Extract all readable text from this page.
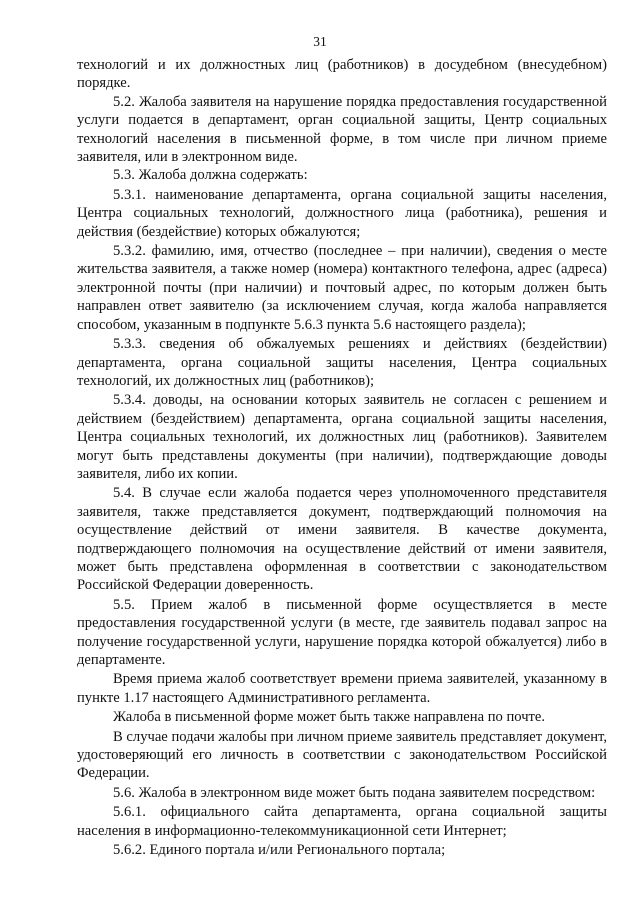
31

технологий и их должностных лиц (работников) в досудебном (внесудебном) порядке.

5.2. Жалоба заявителя на нарушение порядка предоставления государственной услуги подается в департамент, орган социальной защиты, Центр социальных технологий населения в письменной форме, в том числе при личном приеме заявителя, или в электронном виде.

5.3. Жалоба должна содержать:

5.3.1. наименование департамента, органа социальной защиты населения, Центра социальных технологий, должностного лица (работника), решения и действия (бездействие) которых обжалуются;

5.3.2. фамилию, имя, отчество (последнее – при наличии), сведения о месте жительства заявителя, а также номер (номера) контактного телефона, адрес (адреса) электронной почты (при наличии) и почтовый адрес, по которым должен быть направлен ответ заявителю (за исключением случая, когда жалоба направляется способом, указанным в подпункте 5.6.3 пункта 5.6 настоящего раздела);

5.3.3. сведения об обжалуемых решениях и действиях (бездействии) департамента, органа социальной защиты населения, Центра социальных технологий, их должностных лиц (работников);

5.3.4. доводы, на основании которых заявитель не согласен с решением и действием (бездействием) департамента, органа социальной защиты населения, Центра социальных технологий, их должностных лиц (работников). Заявителем могут быть представлены документы (при наличии), подтверждающие доводы заявителя, либо их копии.

5.4. В случае если жалоба подается через уполномоченного представителя заявителя, также представляется документ, подтверждающий полномочия на осуществление действий от имени заявителя. В качестве документа, подтверждающего полномочия на осуществление действий от имени заявителя, может быть представлена оформленная в соответствии с законодательством Российской Федерации доверенность.

5.5. Прием жалоб в письменной форме осуществляется в месте предоставления государственной услуги (в месте, где заявитель подавал запрос на получение государственной услуги, нарушение порядка которой обжалуется) либо в департаменте.

Время приема жалоб соответствует времени приема заявителей, указанному в пункте 1.17 настоящего Административного регламента.

Жалоба в письменной форме может быть также направлена по почте.

В случае подачи жалобы при личном приеме заявитель представляет документ, удостоверяющий его личность в соответствии с законодательством Российской Федерации.

5.6. Жалоба в электронном виде может быть подана заявителем посредством:

5.6.1. официального сайта департамента, органа социальной защиты населения в информационно-телекоммуникационной сети Интернет;

5.6.2. Единого портала и/или Регионального портала;
